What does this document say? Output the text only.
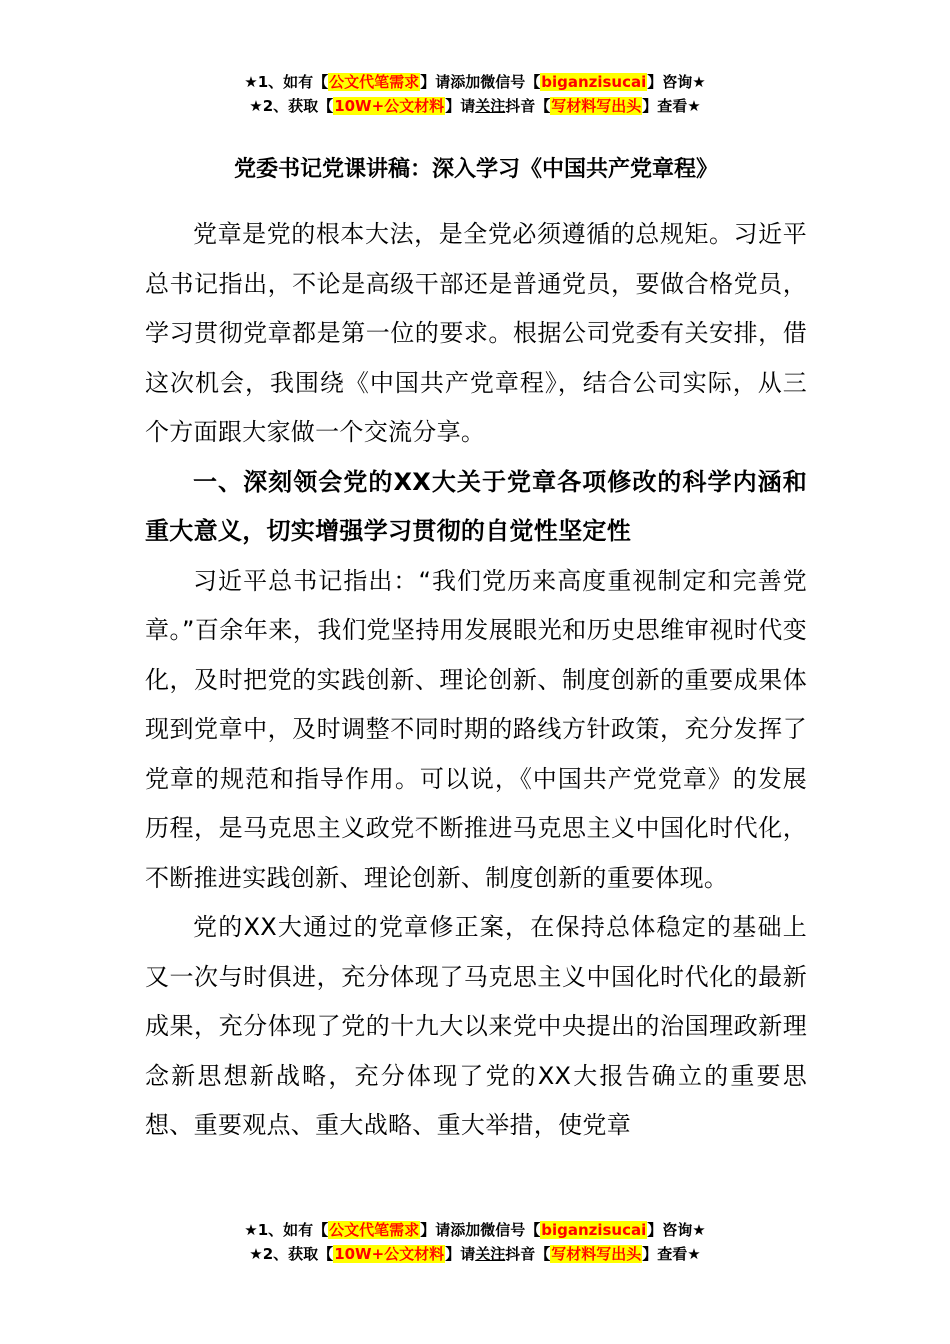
★1、如有【公文代笔需求】请添加微信号【biganzisucai】咨询★
★2、获取【10W+公文材料】请关注抖音【写材料写出头】查看★
党委书记党课讲稿：深入学习《中国共产党章程》

党章是党的根本大法，是全党必须遵循的总规矩。习近平总书记指出，不论是高级干部还是普通党员，要做合格党员，学习贯彻党章都是第一位的要求。根据公司党委有关安排，借这次机会，我围绕《中国共产党章程》，结合公司实际，从三个方面跟大家做一个交流分享。

一、深刻领会党的XX大关于党章各项修改的科学内涵和重大意义，切实增强学习贯彻的自觉性坚定性

习近平总书记指出：“我们党历来高度重视制定和完善党章。”百余年来，我们党坚持用发展眼光和历史思维审视时代变化，及时把党的实践创新、理论创新、制度创新的重要成果体现到党章中，及时调整不同时期的路线方针政策，充分发挥了党章的规范和指导作用。可以说，《中国共产党党章》的发展历程，是马克思主义政党不断推进马克思主义中国化时代化，不断推进实践创新、理论创新、制度创新的重要体现。

党的XX大通过的党章修正案，在保持总体稳定的基础上又一次与时俱进，充分体现了马克思主义中国化时代化的最新成果，充分体现了党的十九大以来党中央提出的治国理政新理念新思想新战略，充分体现了党的XX大报告确立的重要思想、重要观点、重大战略、重大举措，使党章

★1、如有【公文代笔需求】请添加微信号【biganzisucai】咨询★
★2、获取【10W+公文材料】请关注抖音【写材料写出头】查看★
